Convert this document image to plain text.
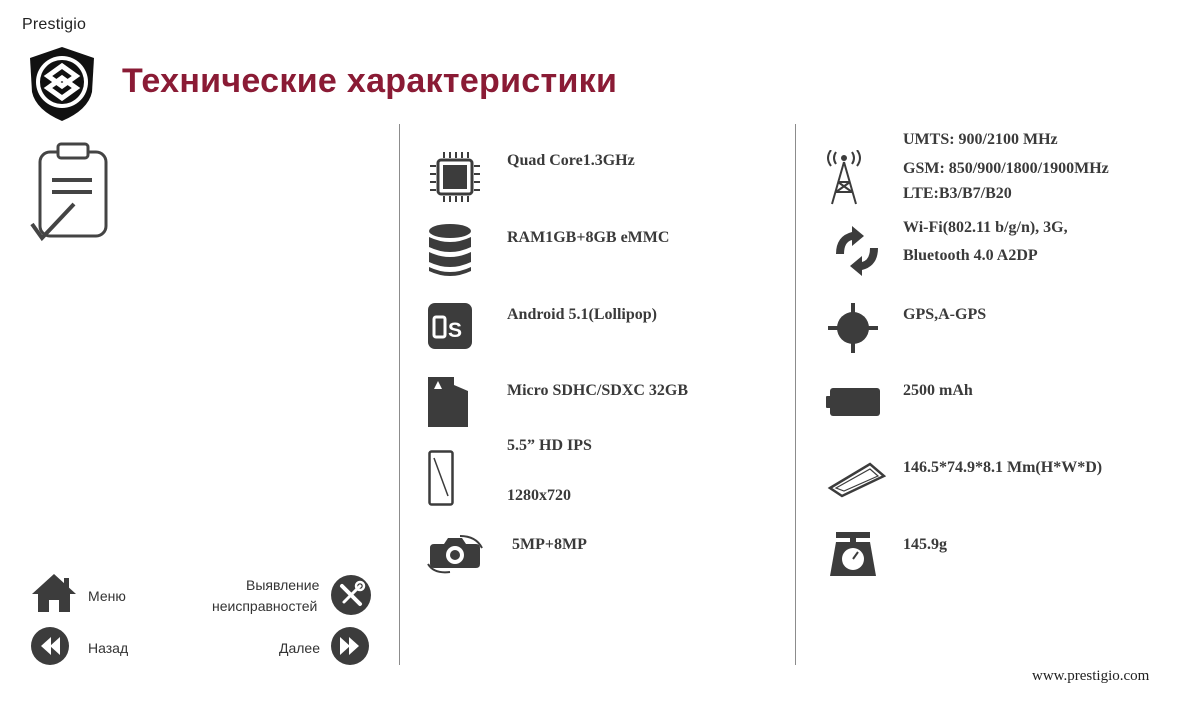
Prestigio
Технические характеристики
Quad Core1.3GHz
RAM1GB+8GB eMMC
S
Android 5.1(Lollipop)
Micro SDHC/SDXC 32GB
5.5” HD IPS
1280x720
5MP+8MP
UMTS: 900/2100 MHz
GSM: 850/900/1800/1900MHz
LTE:B3/B7/B20
Wi-Fi(802.11 b/g/n), 3G,
Bluetooth 4.0 A2DP
GPS,A-GPS
2500 mAh
146.5*74.9*8.1 Mm(H*W*D)
145.9g
Меню
Выявление
неисправностей
Назад	Далее
www.prestigio.com
